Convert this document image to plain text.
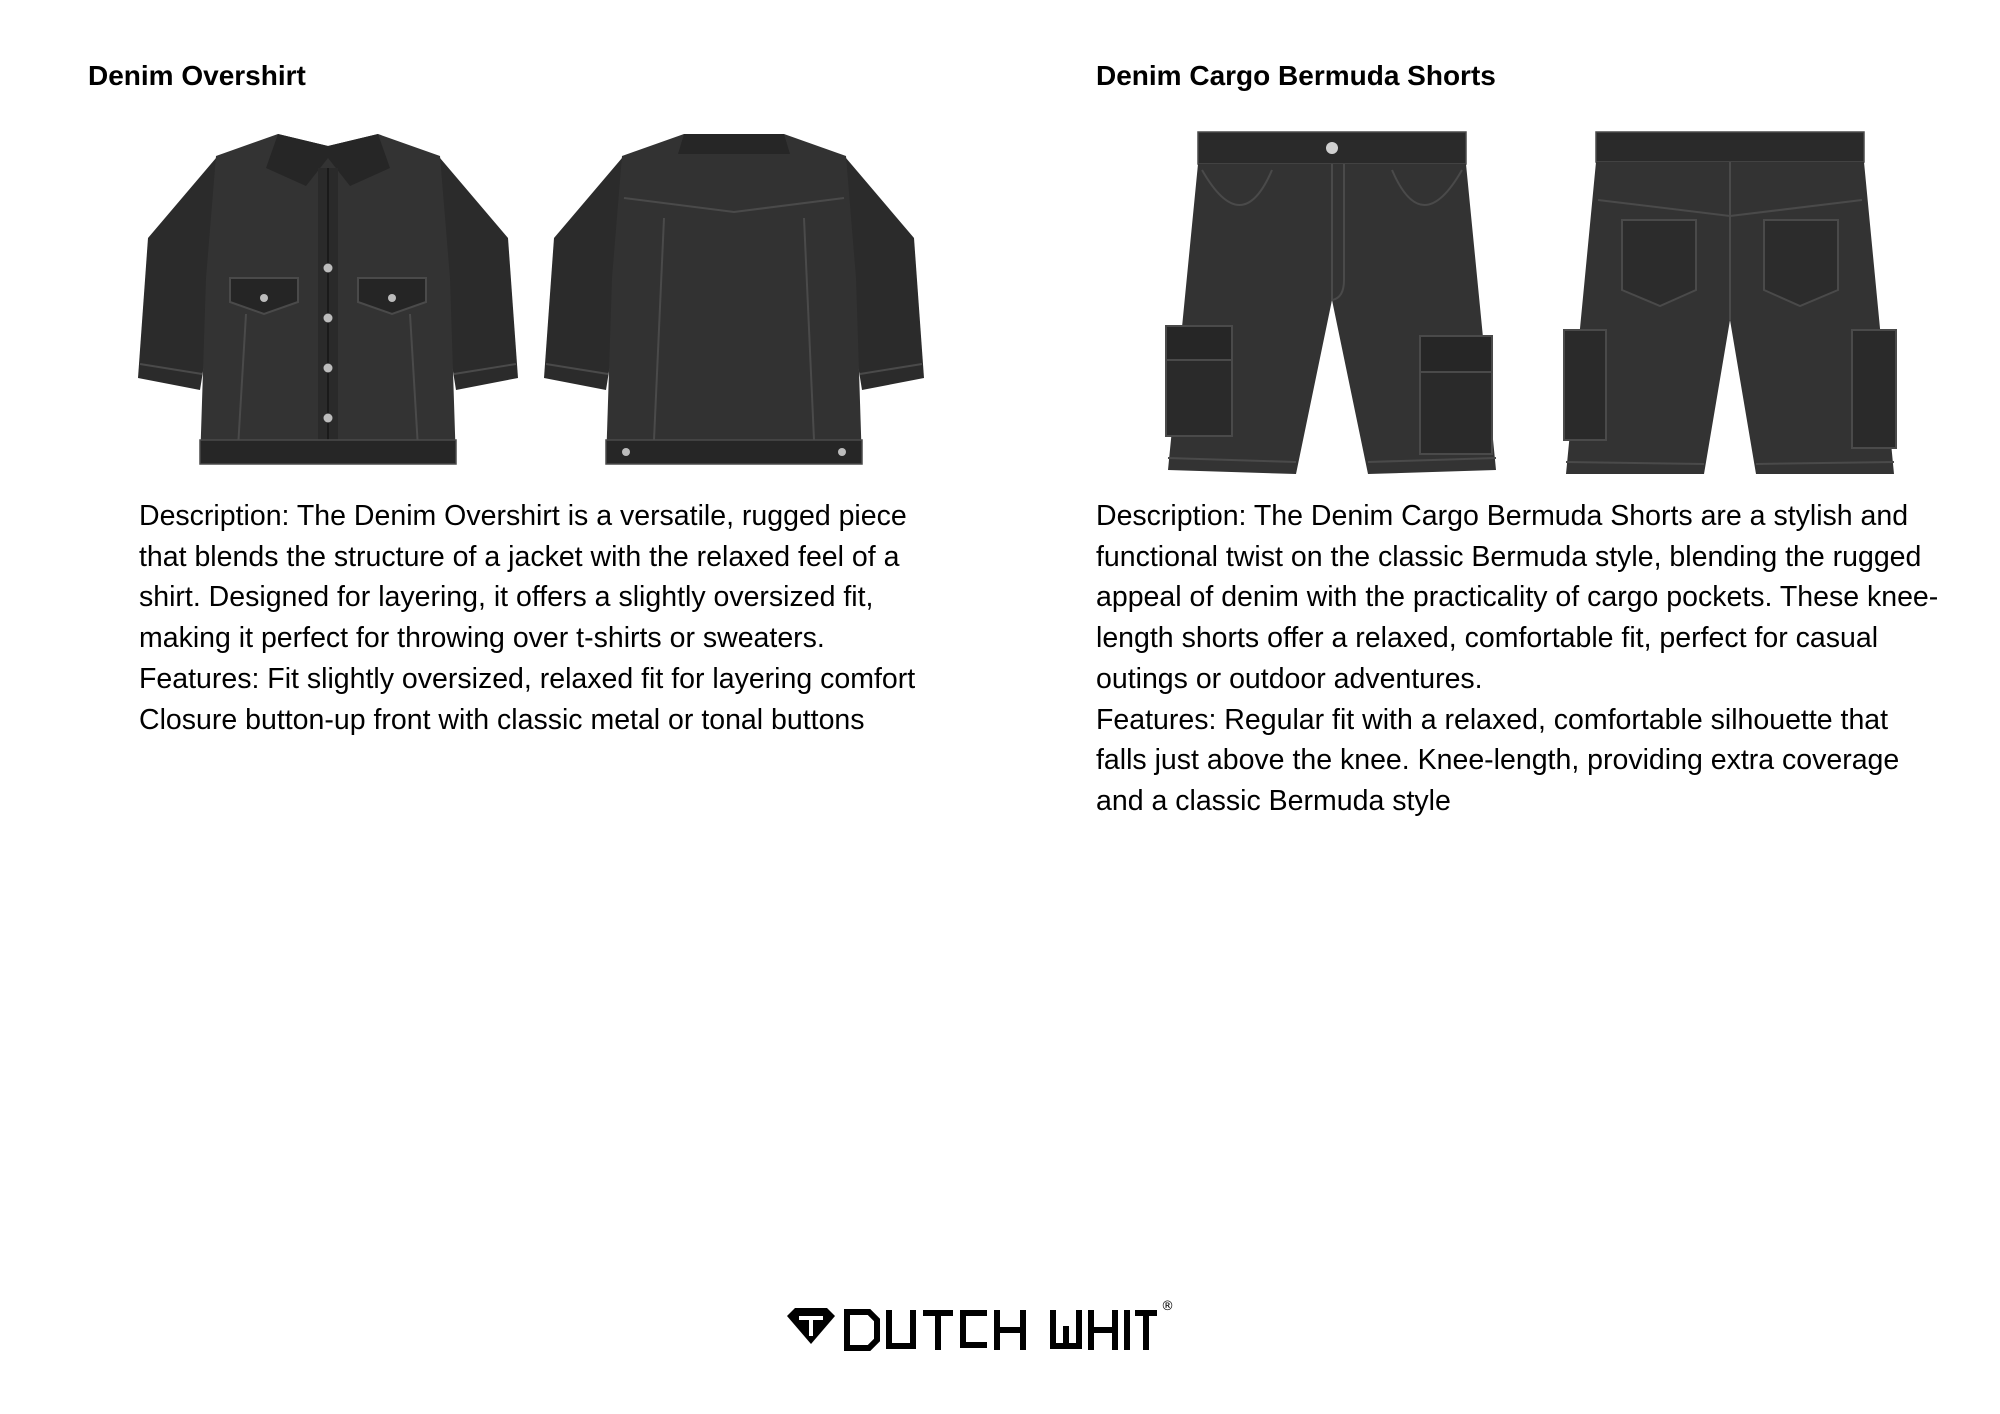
Denim Overshirt

Description: The Denim Overshirt is a versatile, rugged piece

that blends the structure of a jacket with the relaxed feel of a

shirt. Designed for layering, it offers a slightly oversized fit,

making it perfect for throwing over t-shirts or sweaters.

Features: Fit slightly oversized, relaxed fit for layering comfort

Closure button-up front with classic metal or tonal buttons

Denim Cargo Bermuda Shorts

Description: The Denim Cargo Bermuda Shorts are a stylish and

functional twist on the classic Bermuda style, blending the rugged

appeal of denim with the practicality of cargo pockets. These knee-

length shorts offer a relaxed, comfortable fit, perfect for casual

outings or outdoor adventures.

Features: Regular fit with a relaxed, comfortable silhouette that

falls just above the knee. Knee-length, providing extra coverage

and a classic Bermuda style

®
